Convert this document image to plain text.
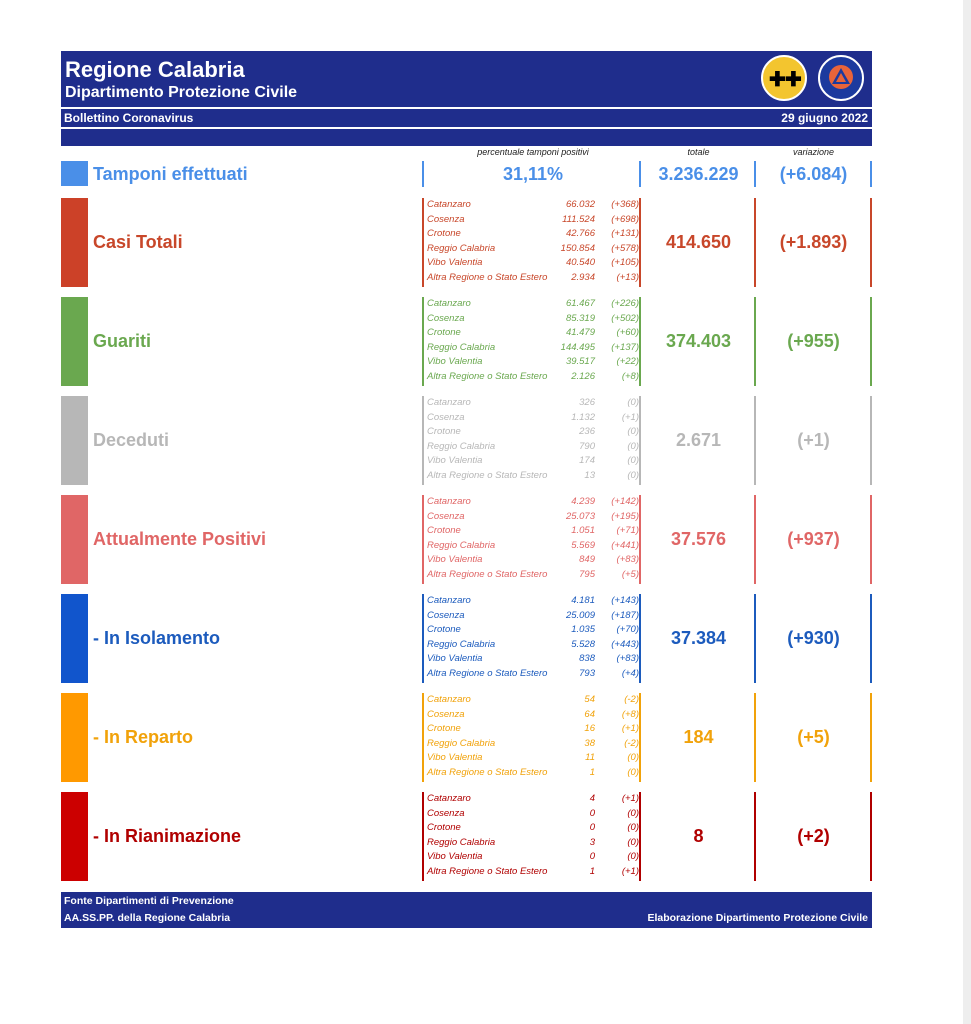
Regione Calabria
Dipartimento Protezione Civile
✚ ✚
Bollettino Coronavirus	29 giugno 2022
percentuale tamponi positivi	totale	variazione
Tamponi effettuati	31,11%	3.236.229	(+6.084)
Casi Totali
Catanzaro	66.032	(+368)
Cosenza	111.524	(+698)
Crotone	42.766	(+131)
Reggio Calabria	150.854	(+578)
Vibo Valentia	40.540	(+105)
Altra Regione o Stato Estero	2.934	(+13)
414.650	(+1.893)
Guariti
Catanzaro	61.467	(+226)
Cosenza	85.319	(+502)
Crotone	41.479	(+60)
Reggio Calabria	144.495	(+137)
Vibo Valentia	39.517	(+22)
Altra Regione o Stato Estero	2.126	(+8)
374.403	(+955)
Deceduti
Catanzaro	326	(0)
Cosenza	1.132	(+1)
Crotone	236	(0)
Reggio Calabria	790	(0)
Vibo Valentia	174	(0)
Altra Regione o Stato Estero	13	(0)
2.671	(+1)
Attualmente Positivi
Catanzaro	4.239	(+142)
Cosenza	25.073	(+195)
Crotone	1.051	(+71)
Reggio Calabria	5.569	(+441)
Vibo Valentia	849	(+83)
Altra Regione o Stato Estero	795	(+5)
37.576	(+937)
- In Isolamento
Catanzaro	4.181	(+143)
Cosenza	25.009	(+187)
Crotone	1.035	(+70)
Reggio Calabria	5.528	(+443)
Vibo Valentia	838	(+83)
Altra Regione o Stato Estero	793	(+4)
37.384	(+930)
- In Reparto
Catanzaro	54	(-2)
Cosenza	64	(+8)
Crotone	16	(+1)
Reggio Calabria	38	(-2)
Vibo Valentia	11	(0)
Altra Regione o Stato Estero	1	(0)
184	(+5)
- In Rianimazione
Catanzaro	4	(+1)
Cosenza	0	(0)
Crotone	0	(0)
Reggio Calabria	3	(0)
Vibo Valentia	0	(0)
Altra Regione o Stato Estero	1	(+1)
8	(+2)
Fonte Dipartimenti di Prevenzione
AA.SS.PP. della Regione Calabria	Elaborazione Dipartimento Protezione Civile
